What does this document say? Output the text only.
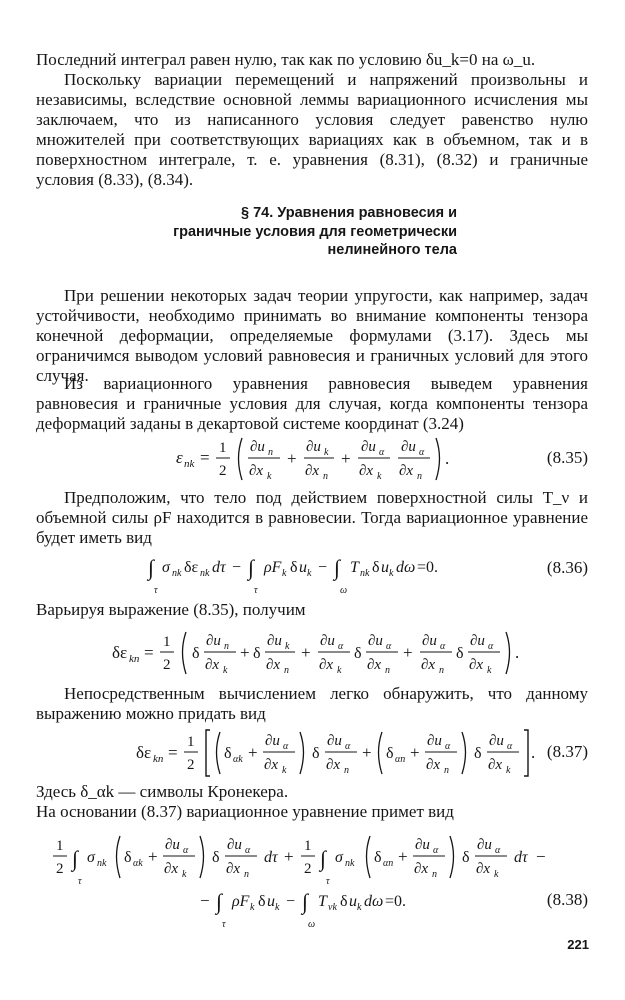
Последний интеграл равен нулю, так как по условию δu_k=0 на ω_u.

Поскольку вариации перемещений и напряжений произвольны и независимы, вследствие основной леммы вариационного исчисления мы заключаем, что из написанного условия следует равенство нулю множителей при соответствующих вариациях как в объемном, так и в поверхностном интеграле, т. е. уравнения (8.31), (8.32) и граничные условия (8.33), (8.34).

§ 74. Уравнения равновесия и граничные условия для геометрически нелинейного тела

При решении некоторых задач теории упругости, как например, задач устойчивости, необходимо принимать во внимание компоненты тензора конечной деформации, определяемые формулами (3.17). Здесь мы ограничимся выводом условий равновесия и граничных условий для этого случая.

Из вариационного уравнения равновесия выведем уравнения равновесия и граничные условия для случая, когда компоненты тензора деформаций заданы в декартовой системе координат (3.24)

ε nk = 1
2
∂u n
∂x k
+
∂u k
∂x n
+
∂u α
∂x k
∂u α
∂x n
.	(8.35)

Предположим, что тело под действием поверхностной силы T_ν и объемной силы ρF находится в равновесии. Тогда вариационное уравнение будет иметь вид

∫
τ
σ nk δε nk dτ − ∫
τ
ρF k δ u k − ∫
ω
T nk δ u k dω =0.	(8.36)

Варьируя выражение (8.35), получим

δε kn =
1
2
δ
∂u n
∂x k
+ δ
∂u k
∂x n
+
∂u α
∂x k
δ
∂u α
∂x n
+
∂u α
∂x n
δ
∂u α
∂x k
.

Непосредственным вычислением легко обнаружить, что данному выражению можно придать вид

δε kn =
1
2
δ αk +
∂u α
∂x k
δ
∂u α
∂x n
+ δ αn +
∂u α
∂x n
δ
∂u α
∂x k
. (8.37)

Здесь δ_αk — символы Кронекера.

На основании (8.37) вариационное уравнение примет вид

1
2 ∫
τ
σ nk δ αk +
∂u α
∂x k
δ
∂u α
∂x n
dτ +
1
2 ∫
τ
σ nk δ αn +
∂u α
∂x n
δ
∂u α
∂x k
dτ −
− ∫
τ
ρF k δ u k − ∫
ω
T νk δ u k dω =0.	(8.38)
221
